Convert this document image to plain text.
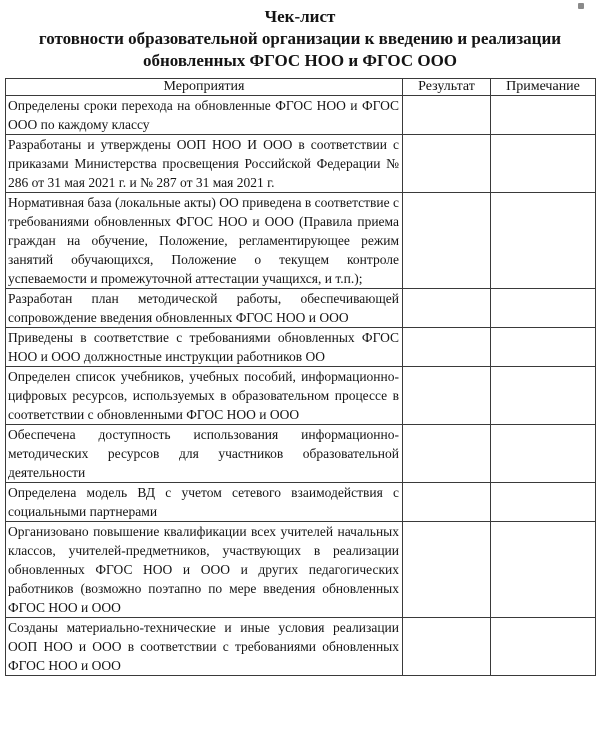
Чек-лист
готовности образовательной организации к введению и реализации
обновленных ФГОС НОО и ФГОС ООО
Мероприятия	Результат	Примечание
Определены сроки перехода на обновленные ФГОС НОО и ФГОС ООО по каждому классу		
Разработаны и утверждены ООП НОО И ООО в соответствии с приказами Министерства просвещения Российской Федерации № 286 от 31 мая 2021 г. и № 287 от 31 мая 2021 г.		
Нормативная база (локальные акты) ОО приведена в соответствие с требованиями обновленных ФГОС НОО и ООО (Правила приема граждан на обучение, Положение, регламентирующее режим занятий обучающихся, Положение о текущем контроле успеваемости и промежуточной аттестации учащихся, и т.п.);		
Разработан план методической работы, обеспечивающей сопровождение введения обновленных ФГОС НОО и ООО		
Приведены в соответствие с требованиями обновленных ФГОС НОО и ООО должностные инструкции работников ОО		
Определен список учебников, учебных пособий, информационно-цифровых ресурсов, используемых в образовательном процессе в соответствии с обновленными ФГОС НОО и ООО		
Обеспечена доступность использования информационно-методических ресурсов для участников образовательной деятельности		
Определена модель ВД с учетом сетевого взаимодействия с социальными партнерами		
Организовано повышение квалификации всех учителей начальных классов, учителей-предметников, участвующих в реализации обновленных ФГОС НОО и ООО и других педагогических работников (возможно поэтапно по мере введения обновленных ФГОС НОО и ООО		
Созданы материально-технические и иные условия реализации ООП НОО и ООО в соответствии с требованиями обновленных ФГОС НОО и ООО		
